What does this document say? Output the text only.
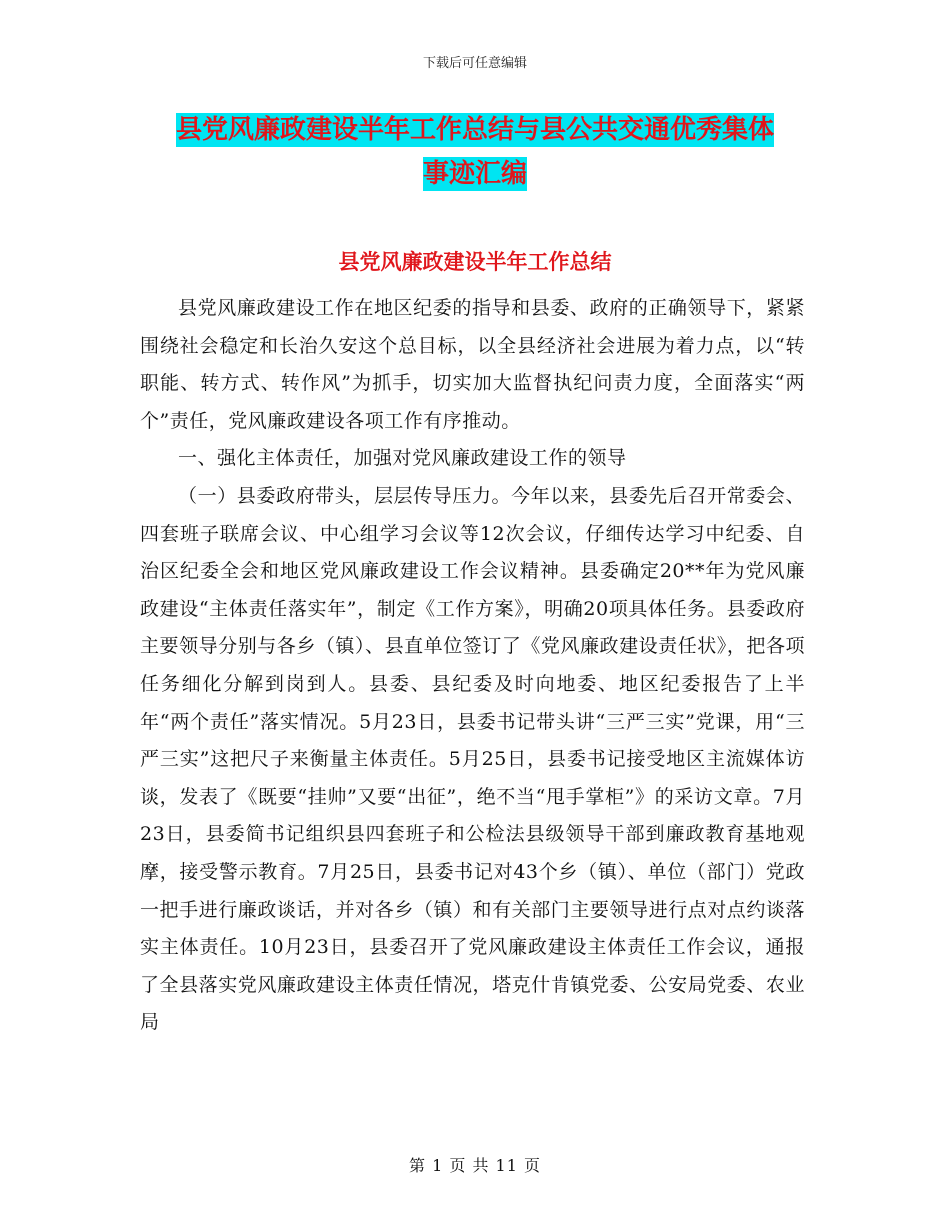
下载后可任意编辑
县党风廉政建设半年工作总结与县公共交通优秀集体
事迹汇编
县党风廉政建设半年工作总结

县党风廉政建设工作在地区纪委的指导和县委、政府的正确领导下，紧紧围绕社会稳定和长治久安这个总目标，以全县经济社会进展为着力点，以“转职能、转方式、转作风”为抓手，切实加大监督执纪问责力度，全面落实“两个”责任，党风廉政建设各项工作有序推动。

一、强化主体责任，加强对党风廉政建设工作的领导

（一）县委政府带头，层层传导压力。今年以来，县委先后召开常委会、四套班子联席会议、中心组学习会议等12次会议，仔细传达学习中纪委、自治区纪委全会和地区党风廉政建设工作会议精神。县委确定20**年为党风廉政建设“主体责任落实年”，制定《工作方案》，明确20项具体任务。县委政府主要领导分别与各乡（镇）、县直单位签订了《党风廉政建设责任状》，把各项任务细化分解到岗到人。县委、县纪委及时向地委、地区纪委报告了上半年“两个责任”落实情况。5月23日，县委书记带头讲“三严三实”党课，用“三严三实”这把尺子来衡量主体责任。5月25日，县委书记接受地区主流媒体访谈，发表了《既要“挂帅”又要“出征”，绝不当“甩手掌柜”》的采访文章。7月23日，县委简书记组织县四套班子和公检法县级领导干部到廉政教育基地观摩，接受警示教育。7月25日，县委书记对43个乡（镇）、单位（部门）党政一把手进行廉政谈话，并对各乡（镇）和有关部门主要领导进行点对点约谈落实主体责任。10月23日，县委召开了党风廉政建设主体责任工作会议，通报了全县落实党风廉政建设主体责任情况，塔克什肯镇党委、公安局党委、农业局

第 1 页 共 11 页
